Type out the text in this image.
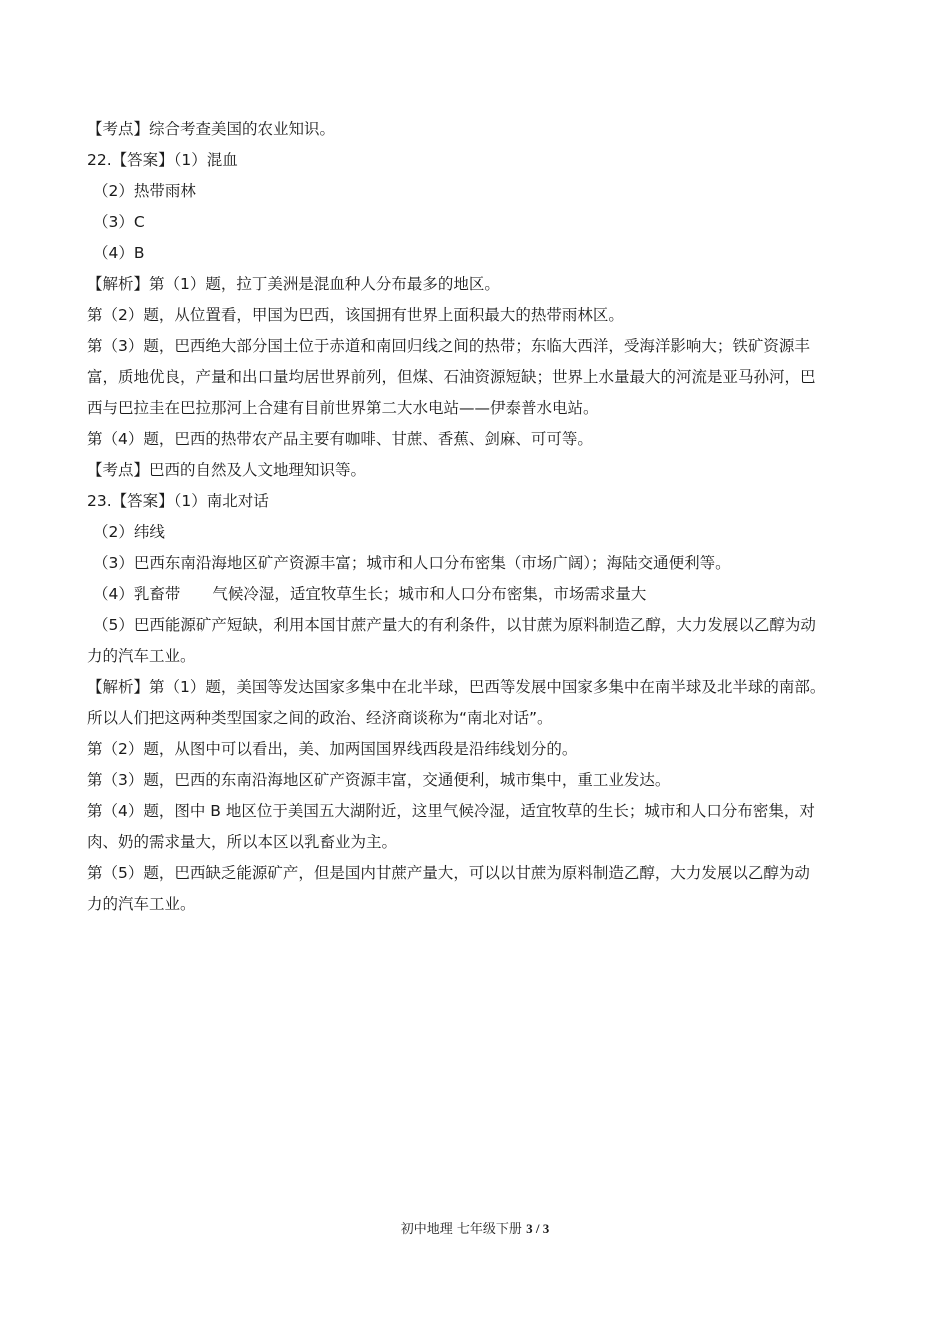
【考点】综合考查美国的农业知识。

22.【答案】（1）混血

（2）热带雨林

（3）C

（4）B

【解析】第（1）题，拉丁美洲是混血种人分布最多的地区。

第（2）题，从位置看，甲国为巴西，该国拥有世界上面积最大的热带雨林区。

第（3）题，巴西绝大部分国土位于赤道和南回归线之间的热带；东临大西洋，受海洋影响大；铁矿资源丰

富，质地优良，产量和出口量均居世界前列，但煤、石油资源短缺；世界上水量最大的河流是亚马孙河，巴

西与巴拉圭在巴拉那河上合建有目前世界第二大水电站——伊泰普水电站。

第（4）题，巴西的热带农产品主要有咖啡、甘蔗、香蕉、剑麻、可可等。

【考点】巴西的自然及人文地理知识等。

23.【答案】（1）南北对话

（2）纬线

（3）巴西东南沿海地区矿产资源丰富；城市和人口分布密集（市场广阔）；海陆交通便利等。

（4）乳畜带 气候冷湿，适宜牧草生长；城市和人口分布密集，市场需求量大

（5）巴西能源矿产短缺，利用本国甘蔗产量大的有利条件，以甘蔗为原料制造乙醇，大力发展以乙醇为动

力的汽车工业。

【解析】第（1）题，美国等发达国家多集中在北半球，巴西等发展中国家多集中在南半球及北半球的南部。

所以人们把这两种类型国家之间的政治、经济商谈称为“南北对话”。

第（2）题，从图中可以看出，美、加两国国界线西段是沿纬线划分的。

第（3）题，巴西的东南沿海地区矿产资源丰富，交通便利，城市集中，重工业发达。

第（4）题，图中 B 地区位于美国五大湖附近，这里气候冷湿，适宜牧草的生长；城市和人口分布密集，对

肉、奶的需求量大，所以本区以乳畜业为主。

第（5）题，巴西缺乏能源矿产，但是国内甘蔗产量大，可以以甘蔗为原料制造乙醇，大力发展以乙醇为动

力的汽车工业。

初中地理 七年级下册 3 / 3
